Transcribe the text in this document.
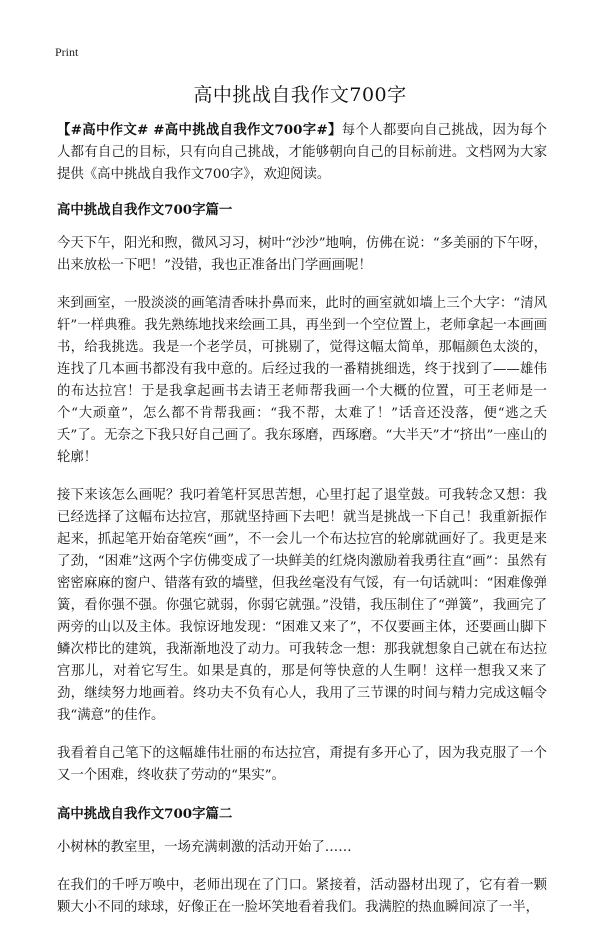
Print
高中挑战自我作文700字

【#高中作文# #高中挑战自我作文700字#】每个人都要向自己挑战，因为每个人都有自己的目标，只有向自己挑战，才能够朝向自己的目标前进。文档网为大家提供《高中挑战自我作文700字》，欢迎阅读。

高中挑战自我作文700字篇一

今天下午，阳光和煦，微风习习，树叶“沙沙”地响，仿佛在说：“多美丽的下午呀，出来放松一下吧！”没错，我也正准备出门学画画呢！

来到画室，一股淡淡的画笔清香味扑鼻而来，此时的画室就如墙上三个大字：“清风轩”一样典雅。我先熟练地找来绘画工具，再坐到一个空位置上，老师拿起一本画画书，给我挑选。我是一个老学员，可挑剔了，觉得这幅太简单，那幅颜色太淡的，连找了几本画书都没有我中意的。后经过我的一番精挑细选，终于找到了——雄伟的布达拉宫！于是我拿起画书去请王老师帮我画一个大概的位置，可王老师是一个“大顽童”，怎么都不肯帮我画：“我不帮，太难了！”话音还没落，便“逃之夭夭”了。无奈之下我只好自己画了。我东琢磨，西琢磨。“大半天”才“挤出”一座山的轮廓！

接下来该怎么画呢？我叼着笔杆冥思苦想，心里打起了退堂鼓。可我转念又想：我已经选择了这幅布达拉宫，那就坚持画下去吧！就当是挑战一下自己！我重新振作起来，抓起笔开始奋笔疾“画”，不一会儿一个布达拉宫的轮廓就画好了。我更是来了劲，“困难”这两个字仿佛变成了一块鲜美的红烧肉激励着我勇往直“画”：虽然有密密麻麻的窗户、错落有致的墙壁，但我丝毫没有气馁，有一句话就叫：“困难像弹簧，看你强不强。你强它就弱，你弱它就强。”没错，我压制住了“弹簧”，我画完了两旁的山以及主体。我惊讶地发现：“困难又来了”，不仅要画主体，还要画山脚下鳞次栉比的建筑，我渐渐地没了动力。可我转念一想：那我就想象自己就在布达拉宫那儿，对着它写生。如果是真的，那是何等快意的人生啊！这样一想我又来了劲，继续努力地画着。终功夫不负有心人，我用了三节课的时间与精力完成这幅令我“满意”的佳作。

我看着自己笔下的这幅雄伟壮丽的布达拉宫，甭提有多开心了，因为我克服了一个又一个困难，终收获了劳动的“果实”。

高中挑战自我作文700字篇二

小树林的教室里，一场充满刺激的活动开始了……

在我们的千呼万唤中，老师出现在了门口。紧接着，活动器材出现了，它有着一颗颗大小不同的球球，好像正在一脸坏笑地看着我们。我满腔的热血瞬间凉了一半，
